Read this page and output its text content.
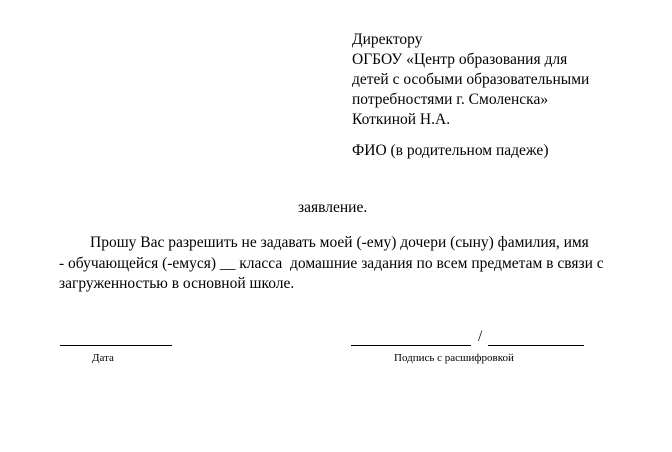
Директору
ОГБОУ «Центр образования для
детей с особыми образовательными
потребностями г. Смоленска»
Коткиной Н.А.
ФИО (в родительном падеже)
заявление.
Прошу Вас разрешить не задавать моей (-ему) дочери (сыну) фамилия, имя
- обучающейся (-емуся) __ класса  домашние задания по всем предметам в связи с
загруженностью в основной школе.
/
Дата	Подпись с расшифровкой
